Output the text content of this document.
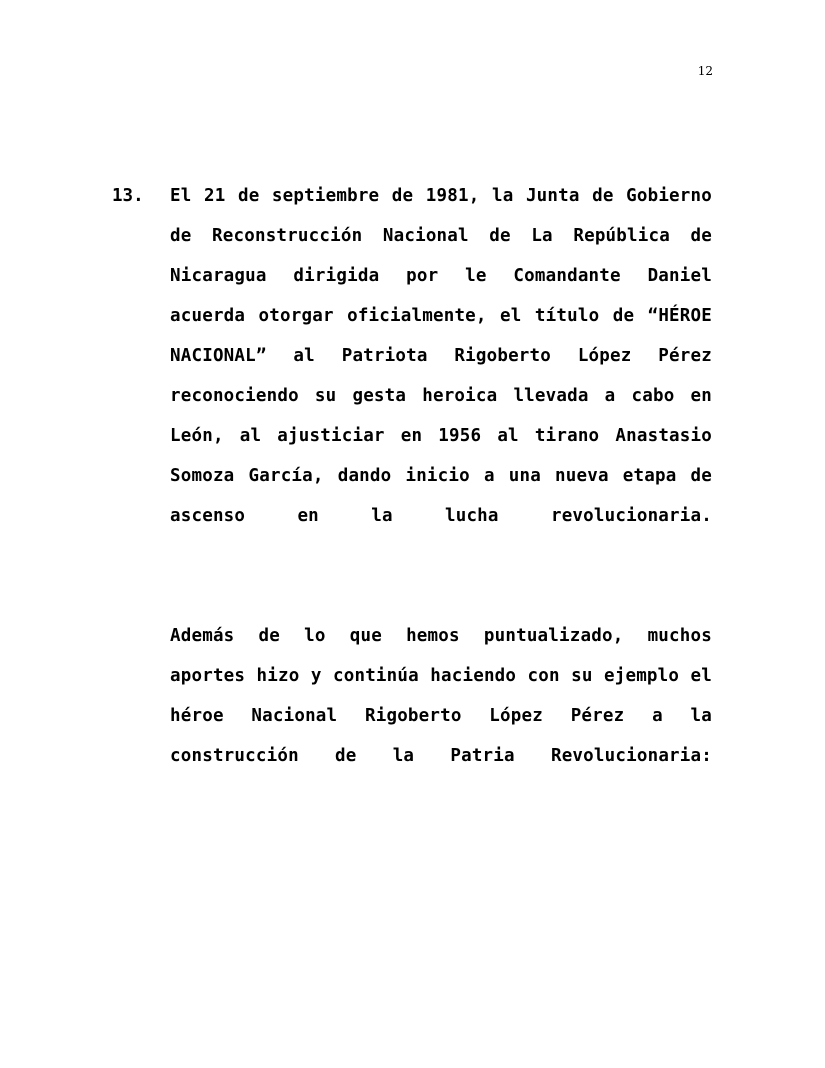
12
13.	El 21 de septiembre de 1981, la Junta de Gobierno de Reconstrucción Nacional de La República de Nicaragua dirigida por le Comandante Daniel acuerda otorgar oficialmente, el título de “HÉROE NACIONAL” al Patriota Rigoberto López Pérez reconociendo su gesta heroica llevada a cabo en León, al ajusticiar en 1956 al tirano Anastasio Somoza García, dando inicio a una nueva etapa de ascenso en la lucha revolucionaria.

Además de lo que hemos puntualizado, muchos aportes hizo y continúa haciendo con su ejemplo el héroe Nacional Rigoberto López Pérez a la construcción de la Patria Revolucionaria:
